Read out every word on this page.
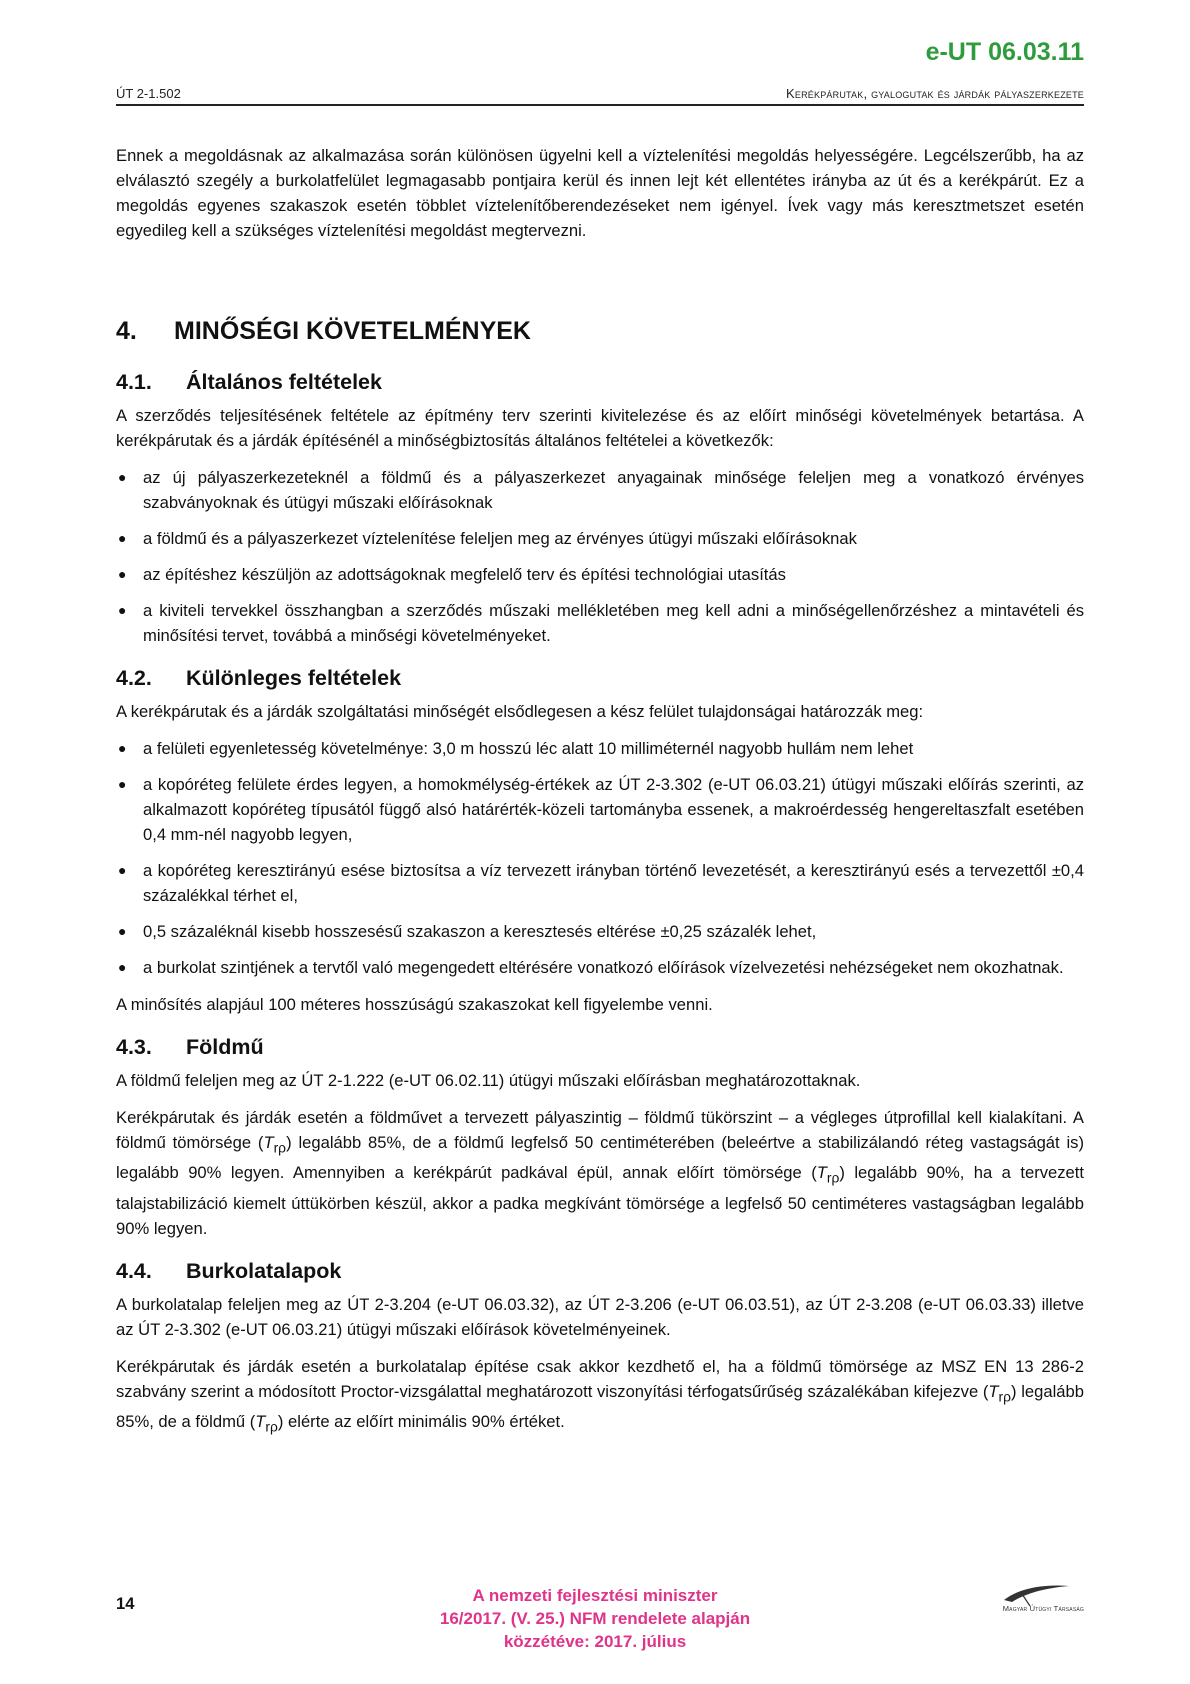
e-UT 06.03.11
ÚT 2-1.502	Kerékpárutak, gyalogutak és járdák pályaszerkezete

Ennek a megoldásnak az alkalmazása során különösen ügyelni kell a víztelenítési megoldás helyességére. Legcélszerűbb, ha az elválasztó szegély a burkolatfelület legmagasabb pontjaira kerül és innen lejt két ellentétes irányba az út és a kerékpárút. Ez a megoldás egyenes szakaszok esetén többlet víztelenítőberendezéseket nem igényel. Ívek vagy más keresztmetszet esetén egyedileg kell a szükséges víztelenítési megoldást megtervezni.

4.	MINŐSÉGI KÖVETELMÉNYEK
4.1.	Általános feltételek

A szerződés teljesítésének feltétele az építmény terv szerinti kivitelezése és az előírt minőségi követelmények betartása. A kerékpárutak és a járdák építésénél a minőségbiztosítás általános feltételei a következők:

● az új pályaszerkezeteknél a földmű és a pályaszerkezet anyagainak minősége feleljen meg a vonatkozó érvényes szabványoknak és útügyi műszaki előírásoknak
● a földmű és a pályaszerkezet víztelenítése feleljen meg az érvényes útügyi műszaki előírásoknak
● az építéshez készüljön az adottságoknak megfelelő terv és építési technológiai utasítás
● a kiviteli tervekkel összhangban a szerződés műszaki mellékletében meg kell adni a minőségellenőrzéshez a mintavételi és minősítési tervet, továbbá a minőségi követelményeket.
4.2.	Különleges feltételek

A kerékpárutak és a járdák szolgáltatási minőségét elsődlegesen a kész felület tulajdonságai határozzák meg:

● a felületi egyenletesség követelménye: 3,0 m hosszú léc alatt 10 milliméternél nagyobb hullám nem lehet
● a kopóréteg felülete érdes legyen, a homokmélység-értékek az ÚT 2-3.302 (e-UT 06.03.21) útügyi műszaki előírás szerinti, az alkalmazott kopóréteg típusától függő alsó határérték-közeli tartományba essenek, a makroérdesség hengereltaszfalt esetében 0,4 mm-nél nagyobb legyen,
● a kopóréteg keresztirányú esése biztosítsa a víz tervezett irányban történő levezetését, a keresztirányú esés a tervezettől ±0,4 százalékkal térhet el,
● 0,5 százaléknál kisebb hosszesésű szakaszon a keresztesés eltérése ±0,25 százalék lehet,
● a burkolat szintjének a tervtől való megengedett eltérésére vonatkozó előírások vízelvezetési nehézségeket nem okozhatnak.

A minősítés alapjául 100 méteres hosszúságú szakaszokat kell figyelembe venni.

4.3.	Földmű

A földmű feleljen meg az ÚT 2-1.222 (e-UT 06.02.11) útügyi műszaki előírásban meghatározottaknak.

Kerékpárutak és járdák esetén a földművet a tervezett pályaszintig – földmű tükörszint – a végleges útprofillal kell kialakítani. A földmű tömörsége $(T_{r\rho})$ legalább 85%, de a földmű legfelső 50 centiméterében (beleértve a stabilizálandó réteg vastagságát is) legalább 90% legyen. Amennyiben a kerékpárút padkával épül, annak előírt tömörsége $(T_{r\rho})$ legalább 90%, ha a tervezett talajstabilizáció kiemelt úttükörben készül, akkor a padka megkívánt tömörsége a legfelső 50 centiméteres vastagságban legalább 90% legyen.

4.4.	Burkolatalapok

A burkolatalap feleljen meg az ÚT 2-3.204 (e-UT 06.03.32), az ÚT 2-3.206 (e-UT 06.03.51), az ÚT 2-3.208 (e-UT 06.03.33) illetve az ÚT 2-3.302 (e-UT 06.03.21) útügyi műszaki előírások követelményeinek.

Kerékpárutak és járdák esetén a burkolatalap építése csak akkor kezdhető el, ha a földmű tömörsége az MSZ EN 13 286-2 szabvány szerint a módosított Proctor-vizsgálattal meghatározott viszonyítási térfogatsűrűség százalékában kifejezve $(T_{r\rho})$ legalább 85%, de a földmű $(T_{r\rho})$ elérte az előírt minimális 90% értéket.

14	A nemzeti fejlesztési miniszter
16/2017. (V. 25.) NFM rendelete alapján
közzétéve: 2017. július
Magyar Útügyi Társaság
